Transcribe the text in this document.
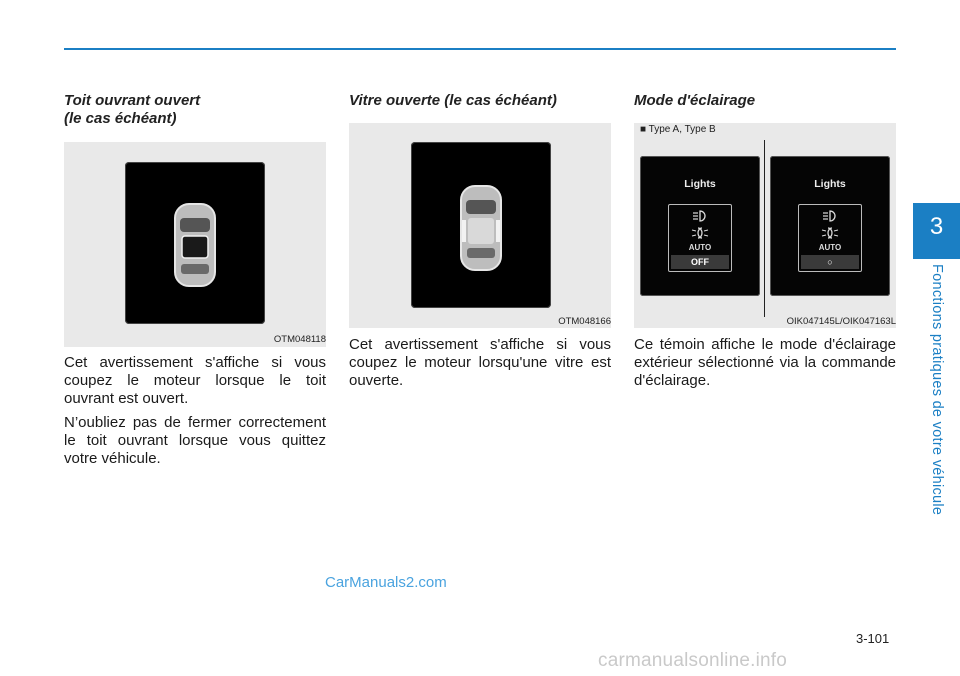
3
Fonctions pratiques de votre véhicule
Toit ouvrant ouvert
(le cas échéant)
OTM048118

Cet avertissement s'affiche si vous coupez le moteur lorsque le toit ouvrant est ouvert.

N’oubliez pas de fermer correctement le toit ouvrant lorsque vous quittez votre véhicule.

Vitre ouverte (le cas échéant)
OTM048166

Cet avertissement s'affiche si vous coupez le moteur lorsqu'une vitre est ouverte.

Mode d'éclairage
Lights
AUTO
OFF
Lights
AUTO
○
OIK047145L/OIK047163L
■ Type A, Type B

Ce témoin affiche le mode d'éclairage extérieur sélectionné via la commande d'éclairage.

CarManuals2.com
3-101
carmanualsonline.info
